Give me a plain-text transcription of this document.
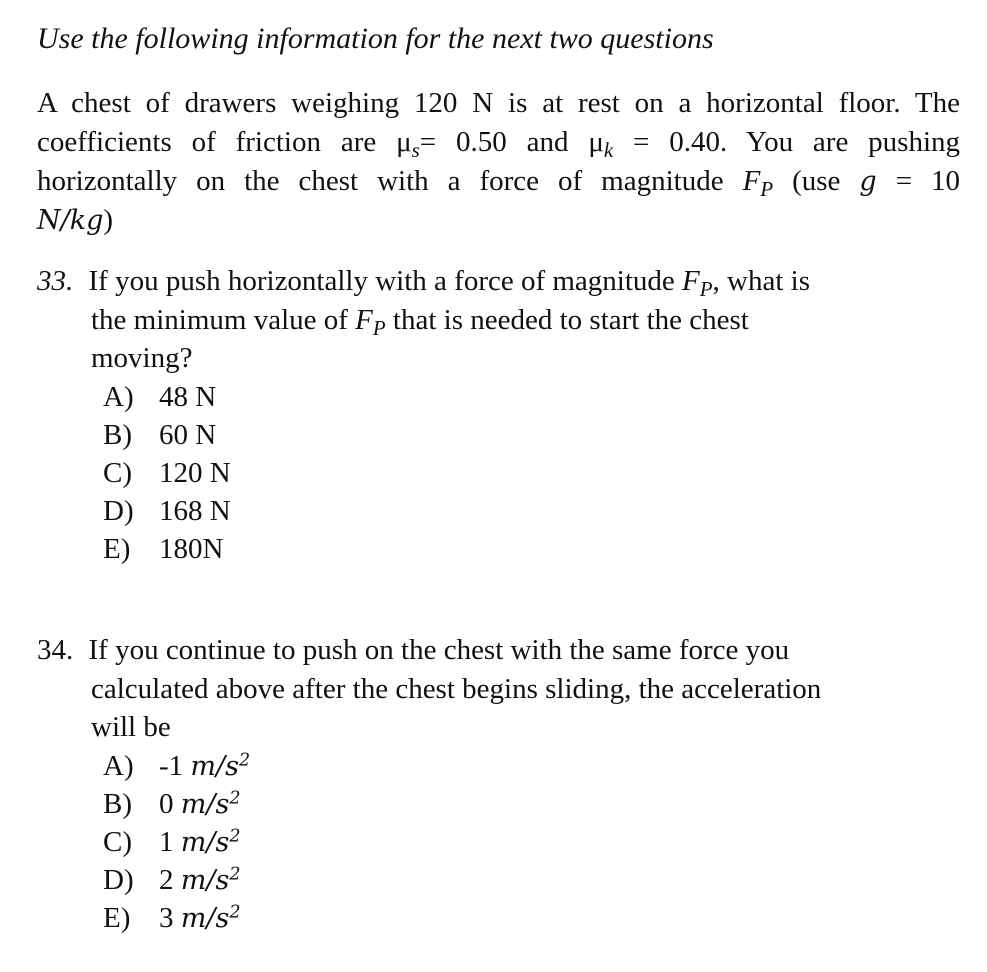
Use the following information for the next two questions
A chest of drawers weighing 120 N is at rest on a horizontal floor. The
coefficients of friction are $\mu_s= 0.50$ and $\mu_k = 0.40$. You are pushing
horizontally on the chest with a force of magnitude $F_P$ (use g = 10
N/kg)
33. If you push horizontally with a force of magnitude $F_P$, what is
the minimum value of $F_P$ that is needed to start the chest
moving?
A) 48 N
B) 60 N
C) 120 N
D) 168 N
E) 180N
34. If you continue to push on the chest with the same force you
calculated above after the chest begins sliding, the acceleration
will be
A) -1 $m/s^2$
B) 0 $m/s^2$
C) 1 $m/s^2$
D) 2 $m/s^2$
E) 3 $m/s^2$
